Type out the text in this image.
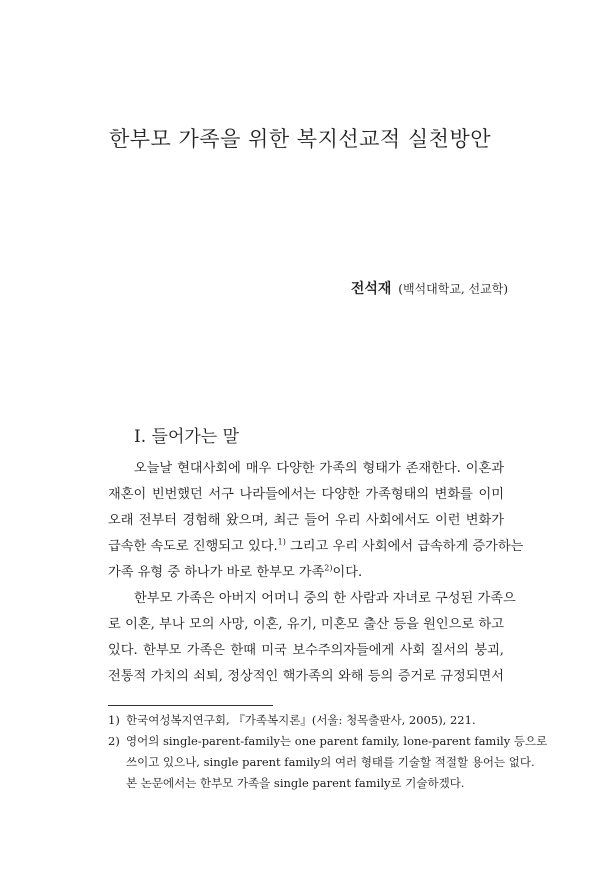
한부모 가족을 위한 복지선교적 실천방안
전석재 (백석대학교, 선교학)
I. 들어가는 말
오늘날 현대사회에 매우 다양한 가족의 형태가 존재한다. 이혼과
재혼이 빈번했던 서구 나라들에서는 다양한 가족형태의 변화를 이미
오래 전부터 경험해 왔으며, 최근 들어 우리 사회에서도 이런 변화가
급속한 속도로 진행되고 있다.$^{1)}$ 그리고 우리 사회에서 급속하게 증가하는
가족 유형 중 하나가 바로 한부모 가족$^{2)}$이다.
한부모 가족은 아버지 어머니 중의 한 사람과 자녀로 구성된 가족으
로 이혼, 부나 모의 사망, 이혼, 유기, 미혼모 출산 등을 원인으로 하고
있다. 한부모 가족은 한때 미국 보수주의자들에게 사회 질서의 붕괴,
전통적 가치의 쇠퇴, 정상적인 핵가족의 와해 등의 증거로 규정되면서
1) 한국여성복지연구회, 『가족복지론』(서울: 청목출판사, 2005), 221.
2) 영어의 single-parent-family는 one parent family, lone-parent family 등으로
쓰이고 있으나, single parent family의 여러 형태를 기술할 적절할 용어는 없다.
본 논문에서는 한부모 가족을 single parent family로 기술하겠다.
